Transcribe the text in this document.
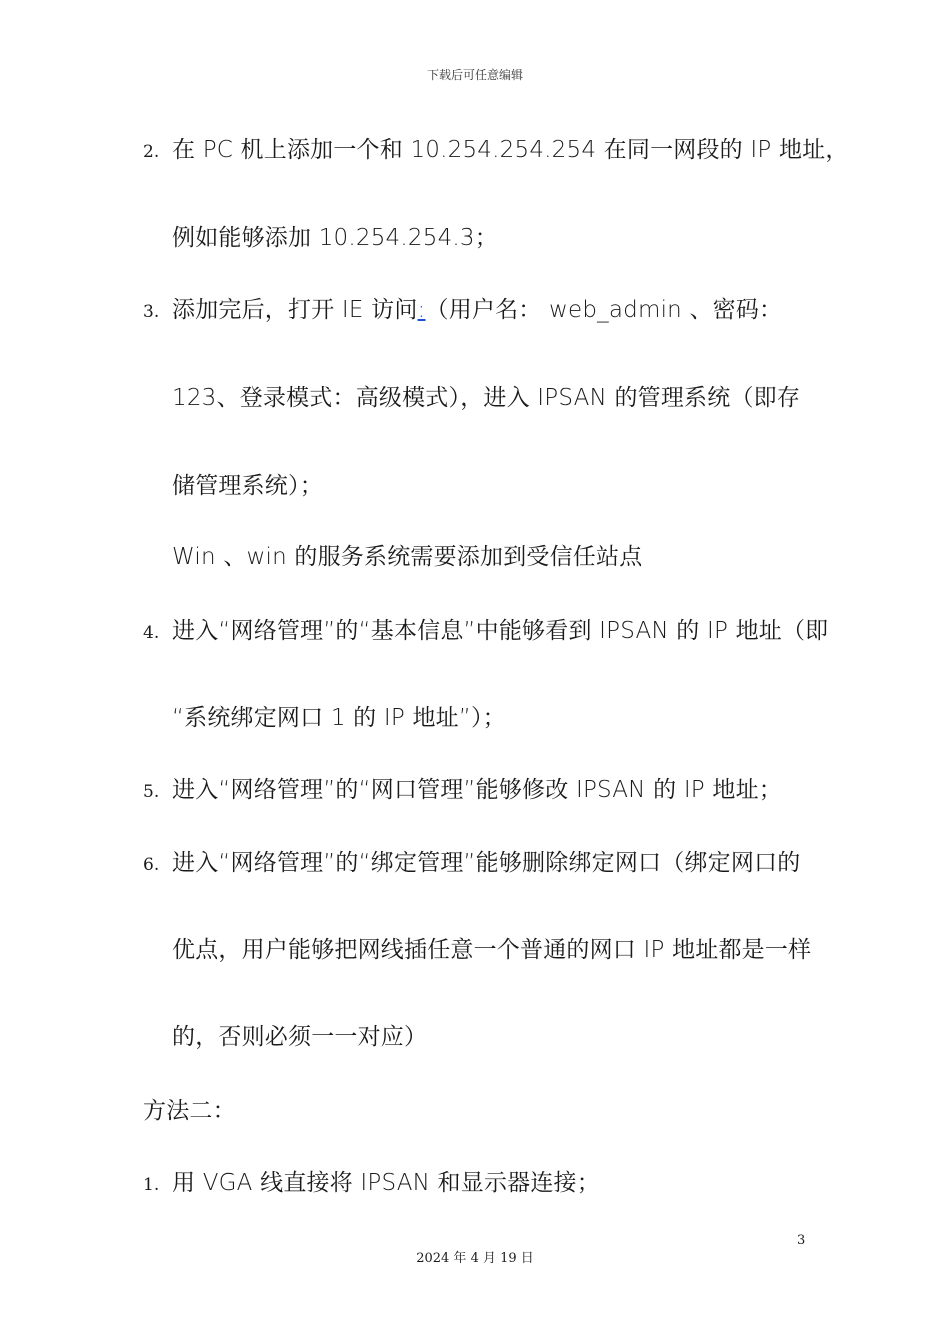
下载后可任意编辑
2. 在 PC 机上添加一个和 10.254.254.254 在同一网段的 IP 地址，
例如能够添加 10.254.254.3；
3. 添加完后，打开 IE 访问:（用户名： web_admin 、密码：
123、登录模式：高级模式），进入 IPSAN 的管理系统（即存
储管理系统）；
Win 、win 的服务系统需要添加到受信任站点
4. 进入“网络管理”的“基本信息”中能够看到 IPSAN 的 IP 地址（即
“系统绑定网口 1 的 IP 地址”）；
5. 进入“网络管理”的“网口管理”能够修改 IPSAN 的 IP 地址；
6. 进入“网络管理”的“绑定管理”能够删除绑定网口（绑定网口的
优点，用户能够把网线插任意一个普通的网口 IP 地址都是一样
的，否则必须一一对应）
方法二：
1. 用 VGA 线直接将 IPSAN 和显示器连接；
3
2024 年 4 月 19 日
